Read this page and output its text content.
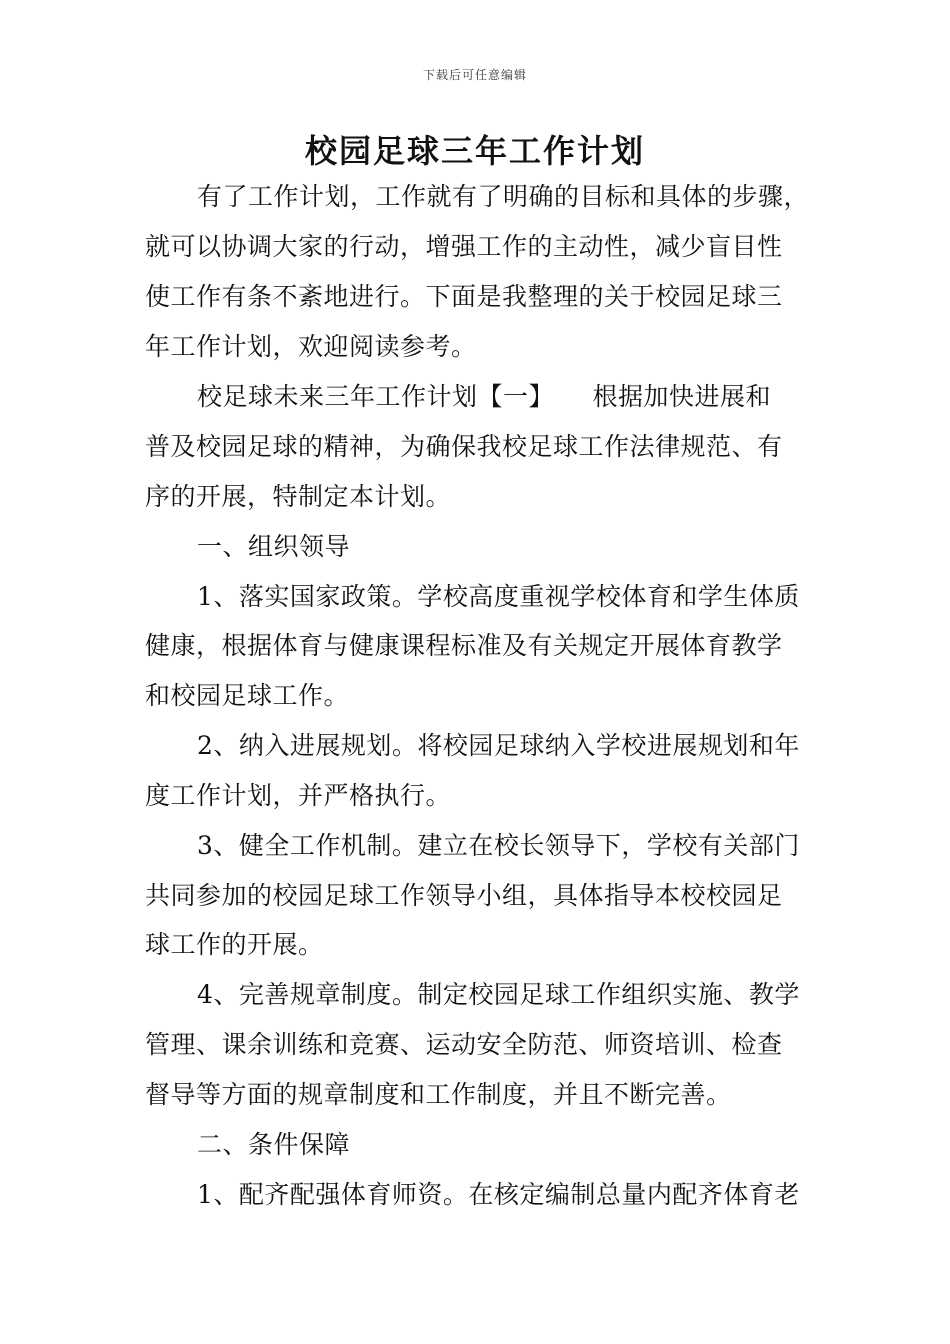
下载后可任意编辑
校园足球三年工作计划
有了工作计划，工作就有了明确的目标和具体的步骤，
就可以协调大家的行动，增强工作的主动性，减少盲目性
使工作有条不紊地进行。下面是我整理的关于校园足球三
年工作计划，欢迎阅读参考。
校足球未来三年工作计划【一】　　根据加快进展和
普及校园足球的精神，为确保我校足球工作法律规范、有
序的开展，特制定本计划。
一、组织领导
1、落实国家政策。学校高度重视学校体育和学生体质
健康，根据体育与健康课程标准及有关规定开展体育教学
和校园足球工作。
2、纳入进展规划。将校园足球纳入学校进展规划和年
度工作计划，并严格执行。
3、健全工作机制。建立在校长领导下，学校有关部门
共同参加的校园足球工作领导小组，具体指导本校校园足
球工作的开展。
4、完善规章制度。制定校园足球工作组织实施、教学
管理、课余训练和竞赛、运动安全防范、师资培训、检查
督导等方面的规章制度和工作制度，并且不断完善。
二、条件保障
1、配齐配强体育师资。在核定编制总量内配齐体育老
